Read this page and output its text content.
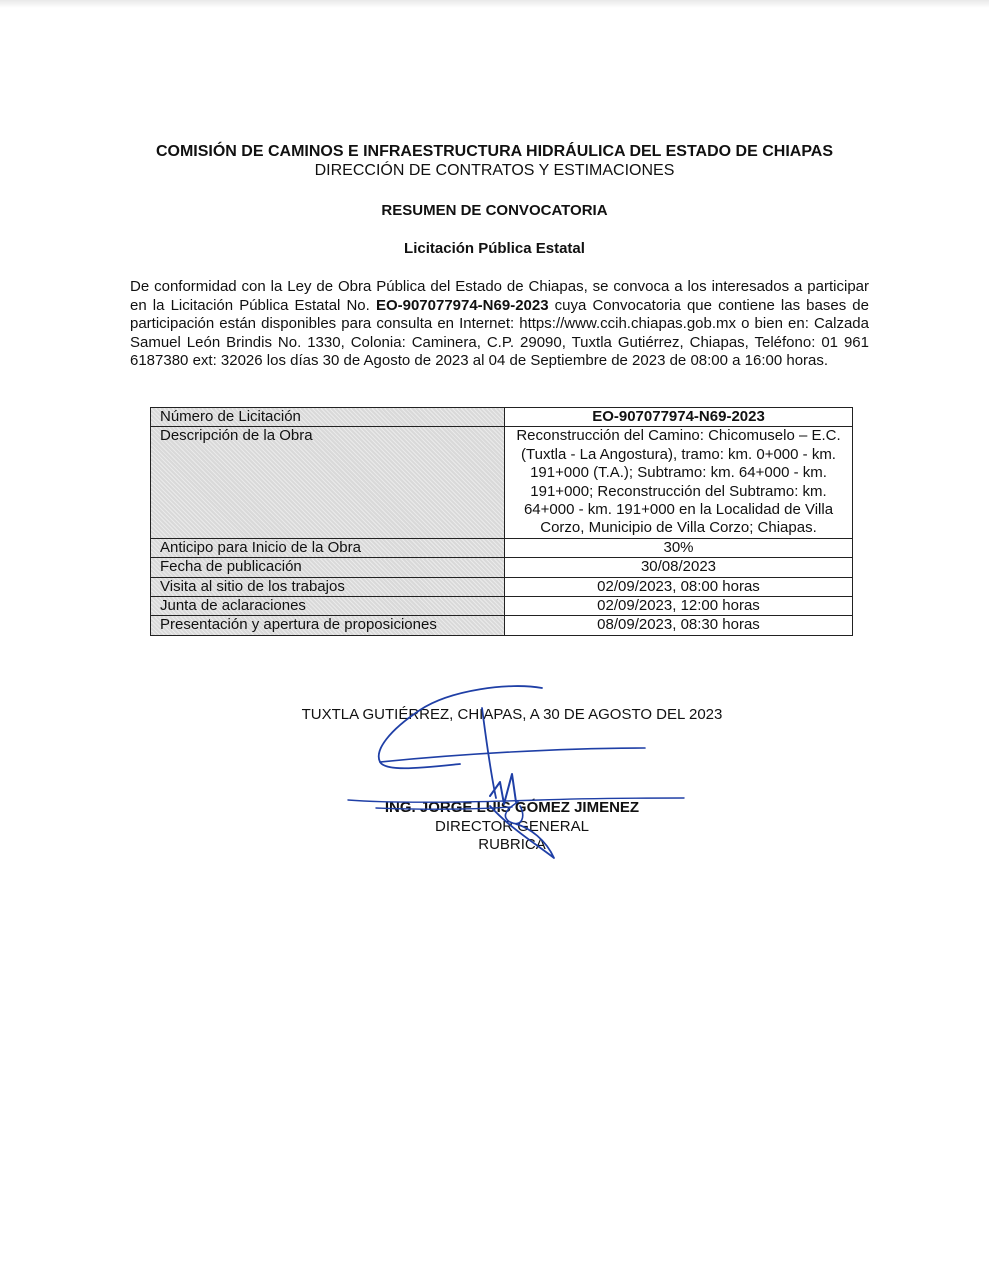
COMISIÓN DE CAMINOS E INFRAESTRUCTURA HIDRÁULICA DEL ESTADO DE CHIAPAS
DIRECCIÓN DE CONTRATOS Y ESTIMACIONES
RESUMEN DE CONVOCATORIA
Licitación Pública Estatal

De conformidad con la Ley de Obra Pública del Estado de Chiapas, se convoca a los interesados a participar en la Licitación Pública Estatal No. EO-907077974-N69-2023 cuya Convocatoria que contiene las bases de participación están disponibles para consulta en Internet: https://www.ccih.chiapas.gob.mx o bien en: Calzada Samuel León Brindis No. 1330, Colonia: Caminera, C.P. 29090, Tuxtla Gutiérrez, Chiapas, Teléfono: 01 961 6187380 ext: 32026 los días 30 de Agosto de 2023 al 04 de Septiembre de 2023 de 08:00 a 16:00 horas.

Número de Licitación	EO-907077974-N69-2023
Descripción de la Obra	Reconstrucción del Camino: Chicomuselo – E.C. (Tuxtla - La Angostura), tramo: km. 0+000 - km. 191+000 (T.A.); Subtramo: km. 64+000 - km. 191+000; Reconstrucción del Subtramo: km. 64+000 - km. 191+000 en la Localidad de Villa Corzo, Municipio de Villa Corzo; Chiapas.
Anticipo para Inicio de la Obra	30%
Fecha de publicación	30/08/2023
Visita al sitio de los trabajos	02/09/2023, 08:00 horas
Junta de aclaraciones	02/09/2023, 12:00 horas
Presentación y apertura de proposiciones	08/09/2023, 08:30 horas
TUXTLA GUTIÉRREZ, CHIAPAS, A 30 DE AGOSTO DEL 2023
ING. JORGE LUIS GÓMEZ JIMENEZ
DIRECTOR GENERAL
RUBRICA
